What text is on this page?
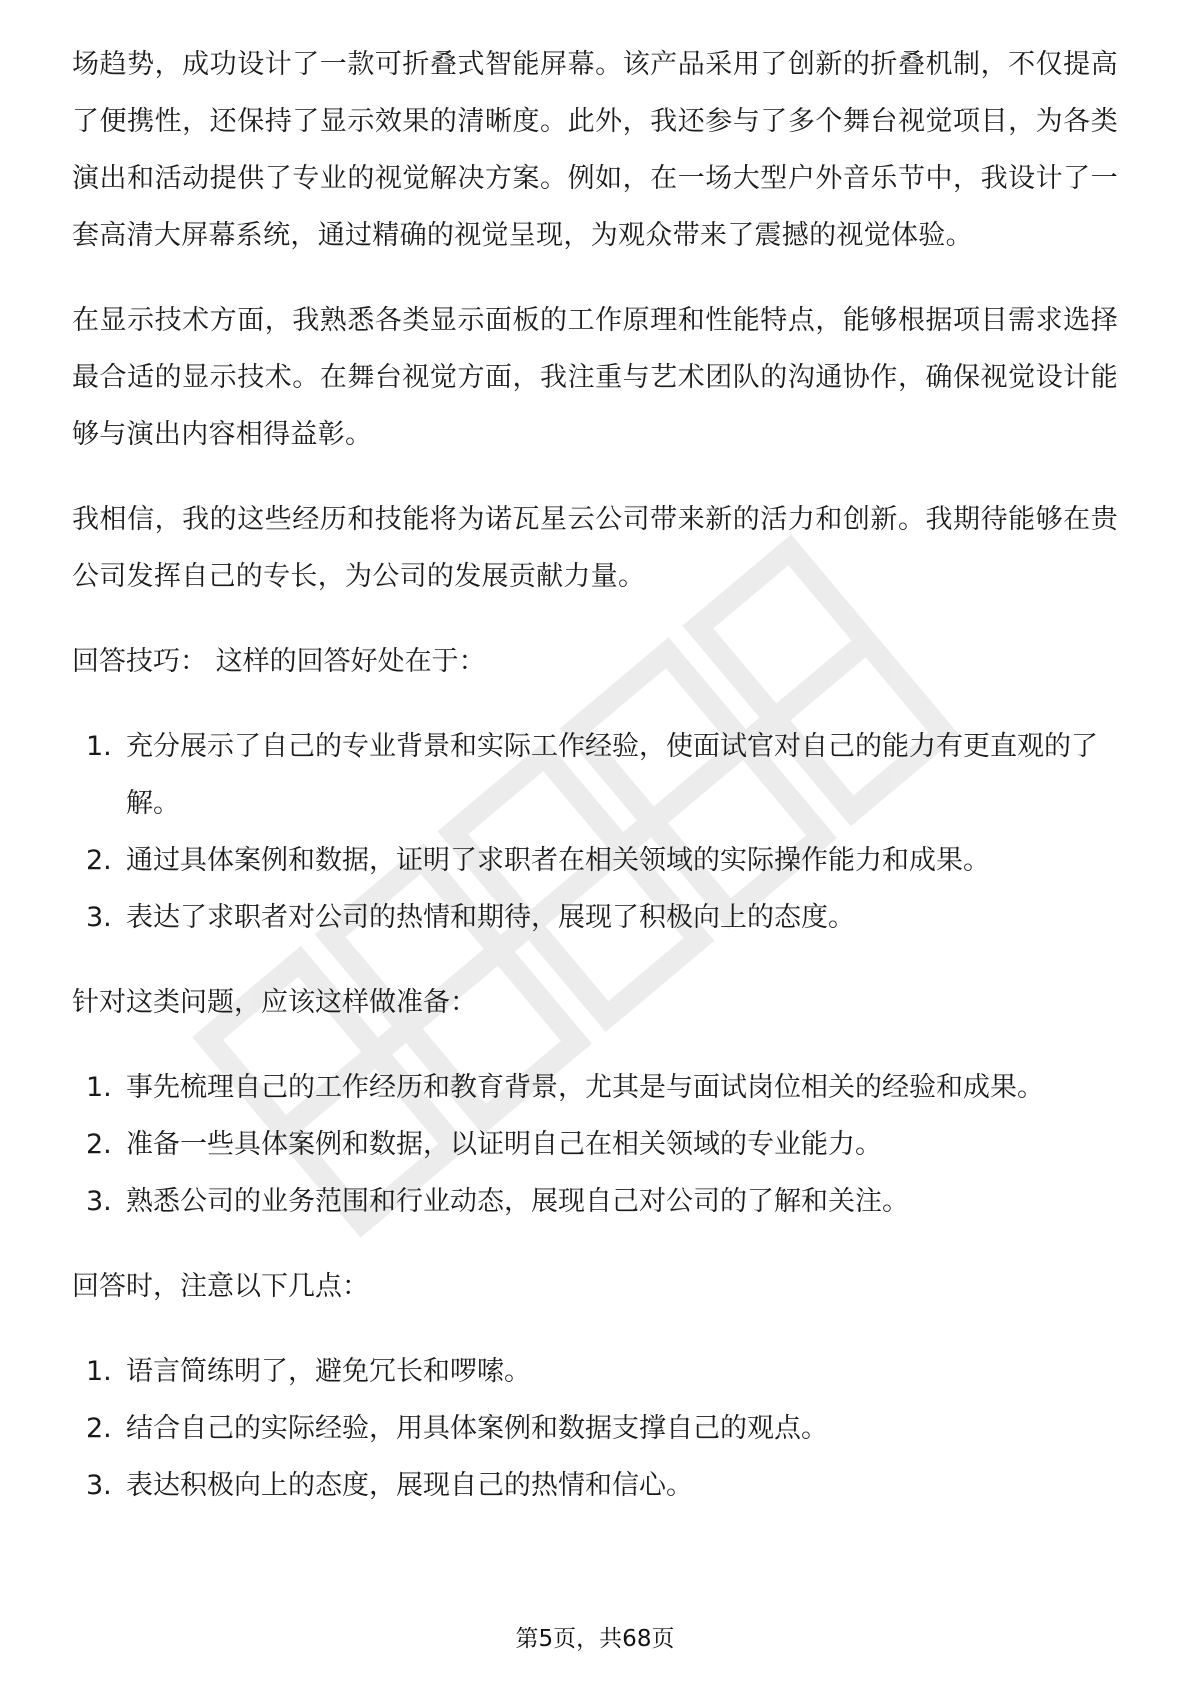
场趋势，成功设计了一款可折叠式智能屏幕。该产品采用了创新的折叠机制，不仅提高了便携性，还保持了显示效果的清晰度。此外，我还参与了多个舞台视觉项目，为各类演出和活动提供了专业的视觉解决方案。例如，在一场大型户外音乐节中，我设计了一套高清大屏幕系统，通过精确的视觉呈现，为观众带来了震撼的视觉体验。

在显示技术方面，我熟悉各类显示面板的工作原理和性能特点，能够根据项目需求选择最合适的显示技术。在舞台视觉方面，我注重与艺术团队的沟通协作，确保视觉设计能够与演出内容相得益彰。

我相信，我的这些经历和技能将为诺瓦星云公司带来新的活力和创新。我期待能够在贵公司发挥自己的专长，为公司的发展贡献力量。

回答技巧： 这样的回答好处在于：

1. 充分展示了自己的专业背景和实际工作经验，使面试官对自己的能力有更直观的了解。
2. 通过具体案例和数据，证明了求职者在相关领域的实际操作能力和成果。
3. 表达了求职者对公司的热情和期待，展现了积极向上的态度。

针对这类问题，应该这样做准备：

1. 事先梳理自己的工作经历和教育背景，尤其是与面试岗位相关的经验和成果。
2. 准备一些具体案例和数据，以证明自己在相关领域的专业能力。
3. 熟悉公司的业务范围和行业动态，展现自己对公司的了解和关注。

回答时，注意以下几点：

1. 语言简练明了，避免冗长和啰嗦。
2. 结合自己的实际经验，用具体案例和数据支撑自己的观点。
3. 表达积极向上的态度，展现自己的热情和信心。
第5页，共68页
